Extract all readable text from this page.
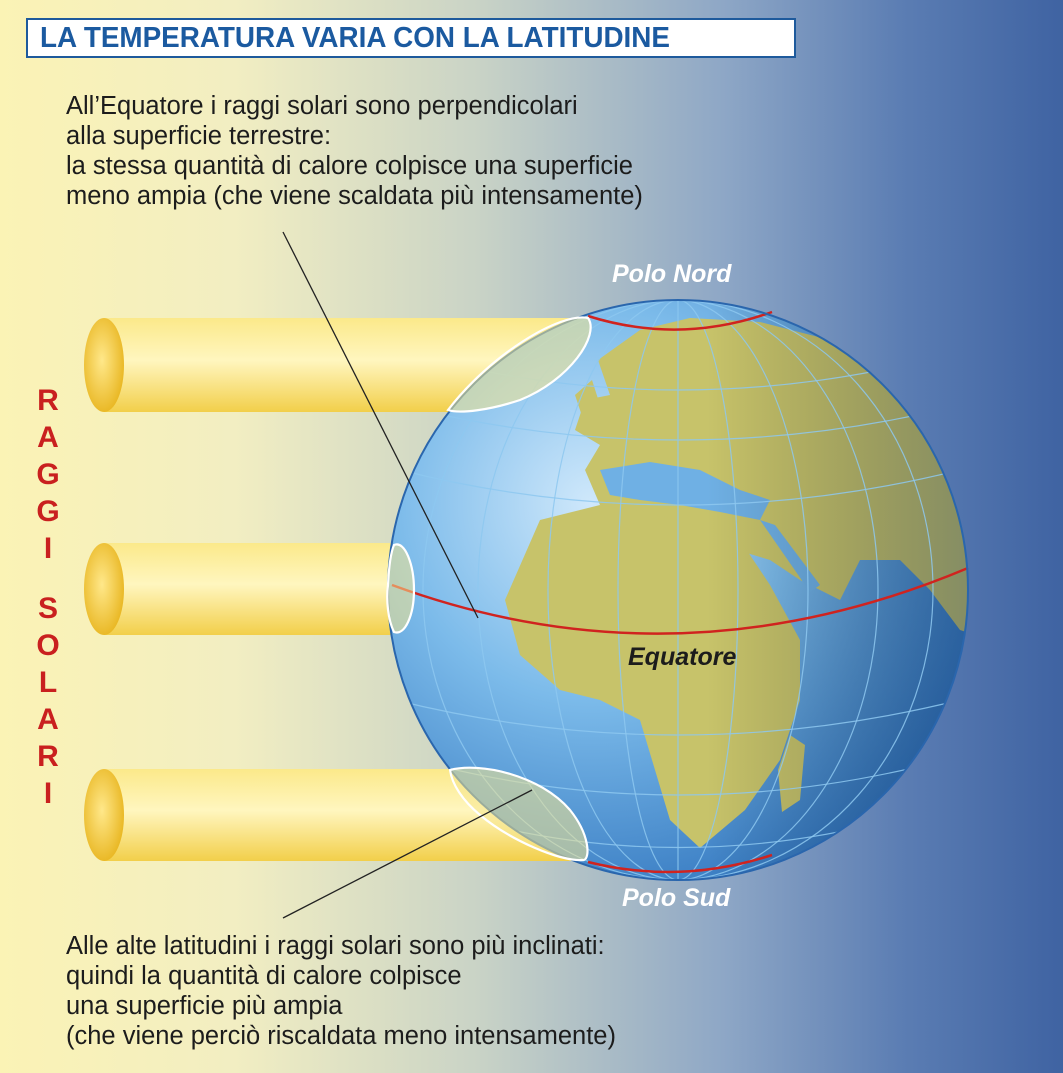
LA TEMPERATURA VARIA CON LA LATITUDINE
All’Equatore i raggi solari sono perpendicolari
alla superficie terrestre:
la stessa quantità di calore colpisce una superficie
meno ampia (che viene scaldata più intensamente)
Alle alte latitudini i raggi solari sono più inclinati:
quindi la quantità di calore colpisce
una superficie più ampia
(che viene perciò riscaldata meno intensamente)
R
A
G
G
I
S
O
L
A
R
I
Polo Nord
Equatore
Polo Sud
